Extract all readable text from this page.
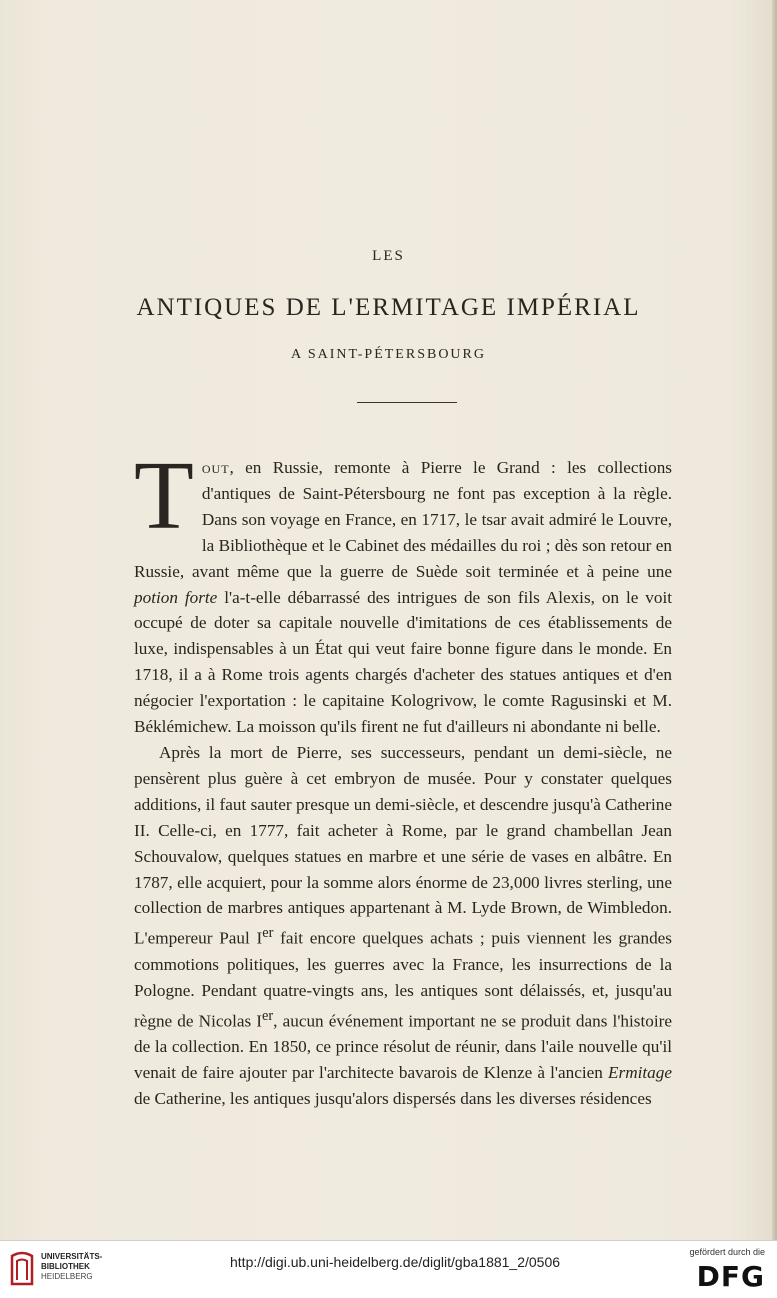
LES
ANTIQUES DE L'ERMITAGE IMPÉRIAL
A SAINT-PÉTERSBOURG

Tout, en Russie, remonte à Pierre le Grand : les collections d'antiques de Saint-Pétersbourg ne font pas exception à la règle. Dans son voyage en France, en 1717, le tsar avait admiré le Louvre, la Bibliothèque et le Cabinet des médailles du roi ; dès son retour en Russie, avant même que la guerre de Suède soit terminée et à peine une potion forte l'a-t-elle débarrassé des intrigues de son fils Alexis, on le voit occupé de doter sa capitale nouvelle d'imitations de ces établissements de luxe, indispensables à un État qui veut faire bonne figure dans le monde. En 1718, il a à Rome trois agents chargés d'acheter des statues antiques et d'en négocier l'exportation : le capitaine Kologrivow, le comte Ragusinski et M. Béklémichew. La moisson qu'ils firent ne fut d'ailleurs ni abondante ni belle.

Après la mort de Pierre, ses successeurs, pendant un demi-siècle, ne pensèrent plus guère à cet embryon de musée. Pour y constater quelques additions, il faut sauter presque un demi-siècle, et descendre jusqu'à Catherine II. Celle-ci, en 1777, fait acheter à Rome, par le grand chambellan Jean Schouvalow, quelques statues en marbre et une série de vases en albâtre. En 1787, elle acquiert, pour la somme alors énorme de 23,000 livres sterling, une collection de marbres antiques appartenant à M. Lyde Brown, de Wimbledon. L'empereur Paul Ier fait encore quelques achats ; puis viennent les grandes commotions politiques, les guerres avec la France, les insurrections de la Pologne. Pendant quatre-vingts ans, les antiques sont délaissés, et, jusqu'au règne de Nicolas Ier, aucun événement important ne se produit dans l'histoire de la collection. En 1850, ce prince résolut de réunir, dans l'aile nouvelle qu'il venait de faire ajouter par l'architecte bavarois de Klenze à l'ancien Ermitage de Catherine, les antiques jusqu'alors dispersés dans les diverses résidences

UNIVERSITÄTS-
BIBLIOTHEK
HEIDELBERG
http://digi.ub.uni-heidelberg.de/diglit/gba1881_2/0506
gefördert durch die
DFG
